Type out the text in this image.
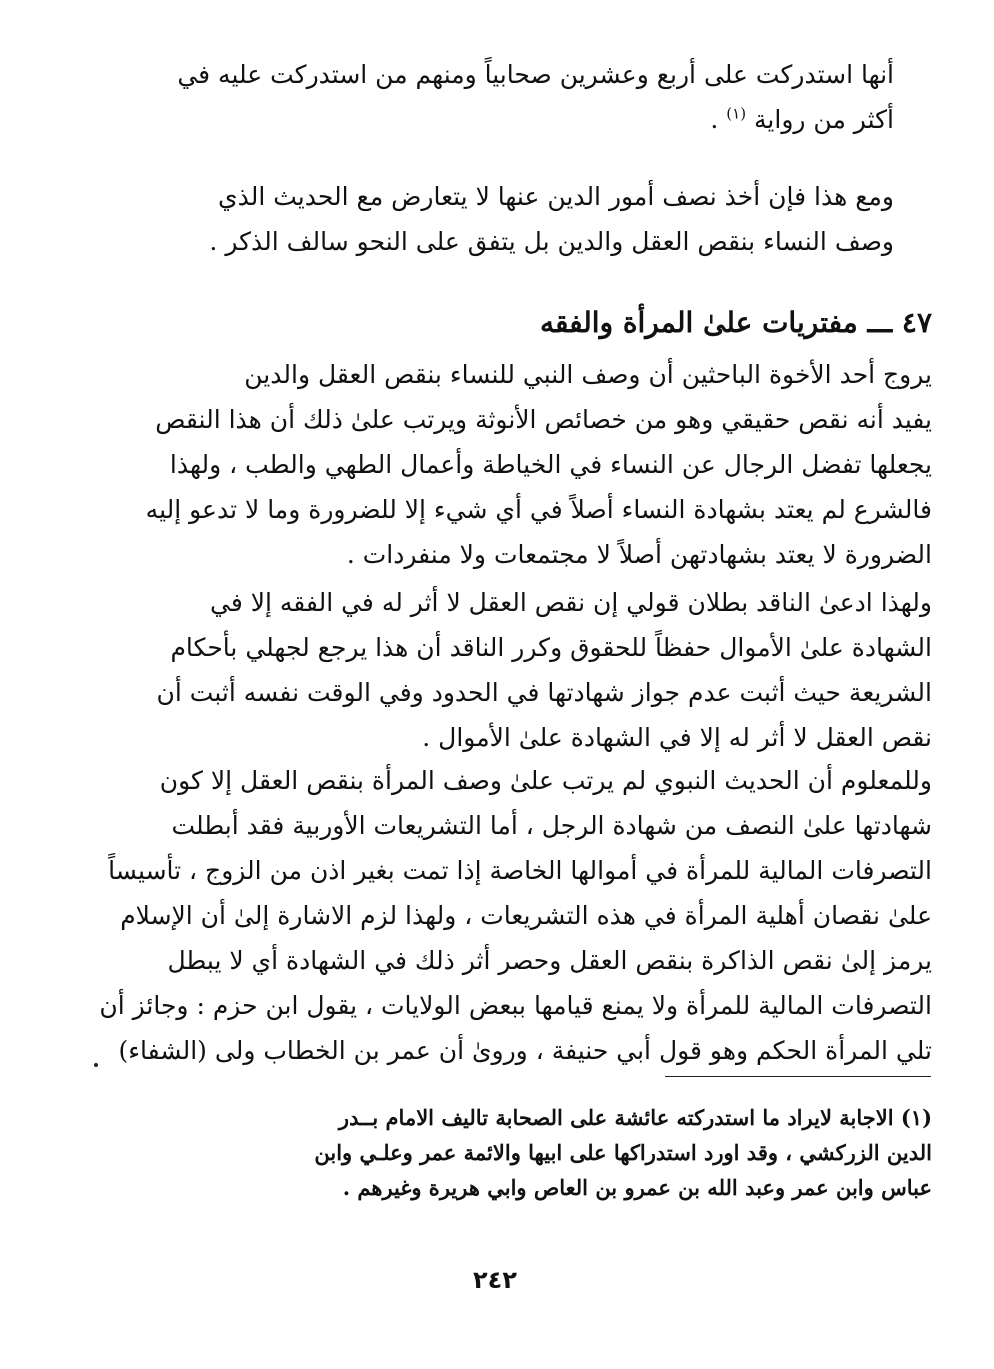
أنها استدركت على أربع وعشرين صحابياً ومنهم من استدركت عليه في
أكثر من رواية $^{(١)}$ .
ومع هذا فإن أخذ نصف أمور الدين عنها لا يتعارض مع الحديث الذي
وصف النساء بنقص العقل والدين بل يتفق على النحو سالف الذكر .
٤٧ ـــ مفتريات علىٰ المرأة والفقه
يروج أحد الأخوة الباحثين أن وصف النبي للنساء بنقص العقل والدين
يفيد أنه نقص حقيقي وهو من خصائص الأنوثة ويرتب علىٰ ذلك أن هذا النقص
يجعلها تفضل الرجال عن النساء في الخياطة وأعمال الطهي والطب ، ولهذا
فالشرع لم يعتد بشهادة النساء أصلاً في أي شيء إلا للضرورة وما لا تدعو إليه
الضرورة لا يعتد بشهادتهن أصلاً لا مجتمعات ولا منفردات .
ولهذا ادعىٰ الناقد بطلان قولي إن نقص العقل لا أثر له في الفقه إلا في
الشهادة علىٰ الأموال حفظاً للحقوق وكرر الناقد أن هذا يرجع لجهلي بأحكام
الشريعة حيث أثبت عدم جواز شهادتها في الحدود وفي الوقت نفسه أثبت أن
نقص العقل لا أثر له إلا في الشهادة علىٰ الأموال .
وللمعلوم أن الحديث النبوي لم يرتب علىٰ وصف المرأة بنقص العقل إلا كون
شهادتها علىٰ النصف من شهادة الرجل ، أما التشريعات الأوربية فقد أبطلت
التصرفات المالية للمرأة في أموالها الخاصة إذا تمت بغير اذن من الزوج ، تأسيساً
علىٰ نقصان أهلية المرأة في هذه التشريعات ، ولهذا لزم الاشارة إلىٰ أن الإسلام
يرمز إلىٰ نقص الذاكرة بنقص العقل وحصر أثر ذلك في الشهادة أي لا يبطل
التصرفات المالية للمرأة ولا يمنع قيامها ببعض الولايات ، يقول ابن حزم : وجائز أن
تلي المرأة الحكم وهو قول أبي حنيفة ، وروىٰ أن عمر بن الخطاب ولى (الشفاء)
(١) الاجابة لايراد ما استدركته عائشة على الصحابة تاليف الامام بــدر
الدين الزركشي ، وقد اورد استدراكها على ابيها والائمة عمر وعلـي وابن
عباس وابن عمر وعبد الله بن عمرو بن العاص وابي هريرة وغيرهم .
٢٤٢
